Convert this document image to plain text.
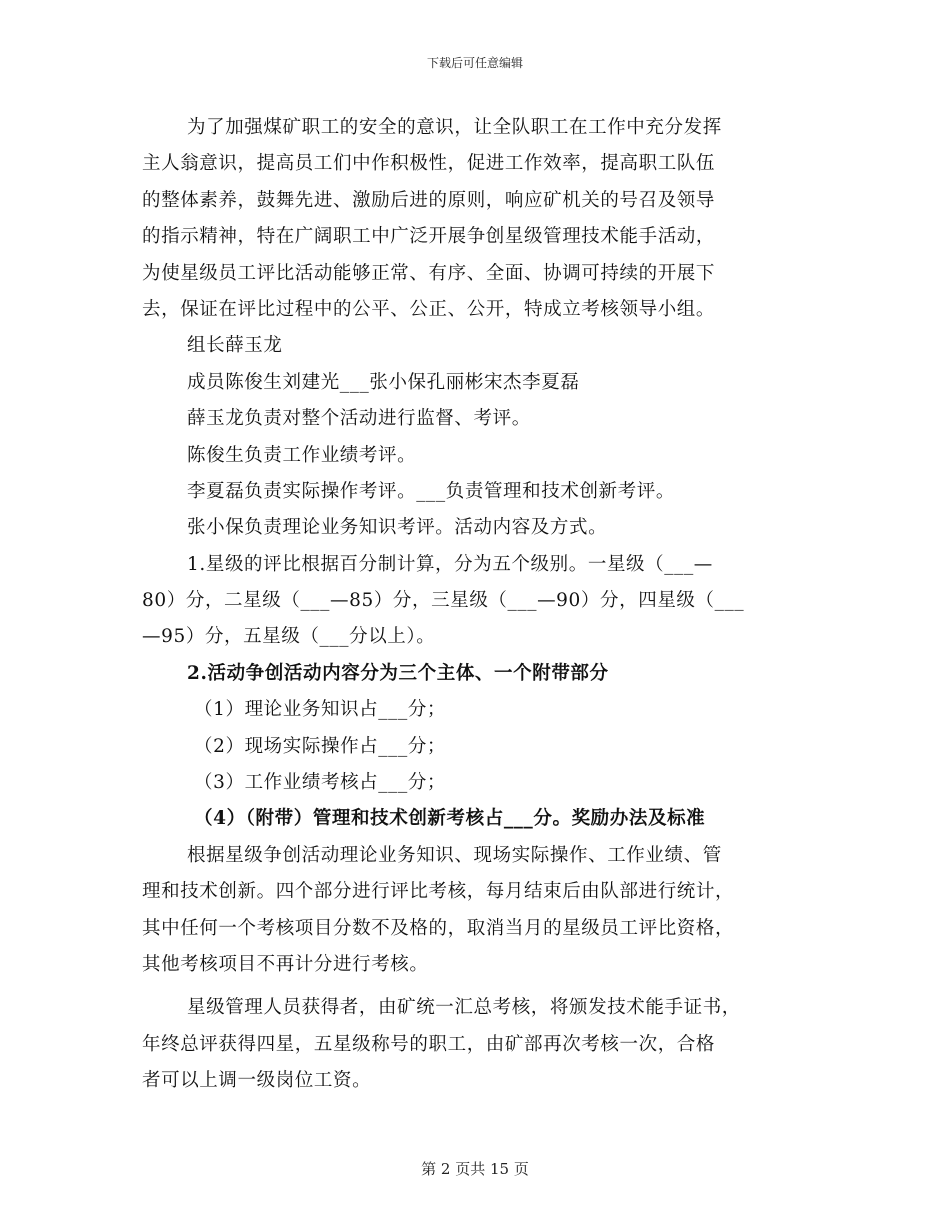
下载后可任意编辑
为了加强煤矿职工的安全的意识，让全队职工在工作中充分发挥
主人翁意识，提高员工们中作积极性，促进工作效率，提高职工队伍
的整体素养，鼓舞先进、激励后进的原则，响应矿机关的号召及领导
的指示精神，特在广阔职工中广泛开展争创星级管理技术能手活动，
为使星级员工评比活动能够正常、有序、全面、协调可持续的开展下
去，保证在评比过程中的公平、公正、公开，特成立考核领导小组。
组长薛玉龙
成员陈俊生刘建光___张小保孔丽彬宋杰李夏磊
薛玉龙负责对整个活动进行监督、考评。
陈俊生负责工作业绩考评。
李夏磊负责实际操作考评。___负责管理和技术创新考评。
张小保负责理论业务知识考评。活动内容及方式。
1.星级的评比根据百分制计算，分为五个级别。一星级（___—
80）分，二星级（___—85）分，三星级（___—90）分，四星级（___
—95）分，五星级（___分以上）。
2.活动争创活动内容分为三个主体、一个附带部分
（1）理论业务知识占___分；
（2）现场实际操作占___分；
（3）工作业绩考核占___分；
（4）（附带）管理和技术创新考核占___分。奖励办法及标准
根据星级争创活动理论业务知识、现场实际操作、工作业绩、管
理和技术创新。四个部分进行评比考核，每月结束后由队部进行统计，
其中任何一个考核项目分数不及格的，取消当月的星级员工评比资格，
其他考核项目不再计分进行考核。
星级管理人员获得者，由矿统一汇总考核，将颁发技术能手证书，
年终总评获得四星，五星级称号的职工，由矿部再次考核一次，合格
者可以上调一级岗位工资。
第 2 页共 15 页
